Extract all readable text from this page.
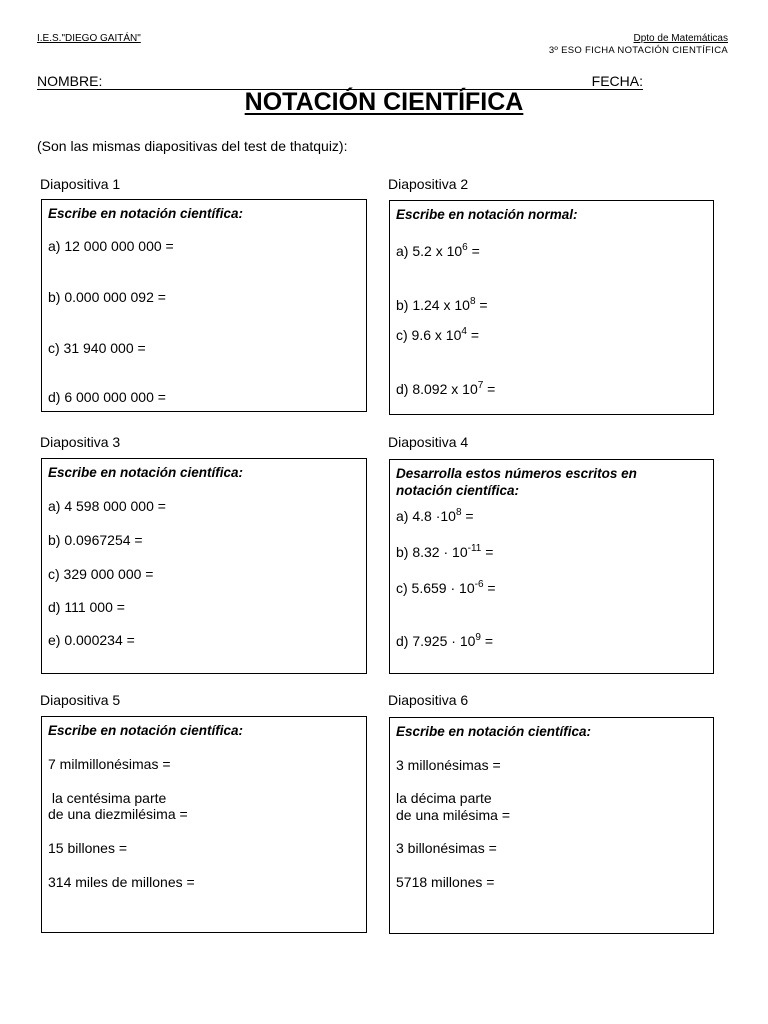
I.E.S."DIEGO GAITÁN"	Dpto de Matemáticas
3º ESO FICHA NOTACIÓN CIENTÍFICA
NOMBRE:	FECHA:
NOTACIÓN CIENTÍFICA
(Son las mismas diapositivas del test de thatquiz):
Diapositiva 1
Escribe en notación científica:
a) 12 000 000 000 =
b) 0.000 000 092 =
c) 31 940 000 =
d) 6 000 000 000 =
Diapositiva 2
Escribe en notación normal:
a) 5.2 x $10^6$ =
b) 1.24 x $10^8$ =
c) 9.6 x $10^4$ =
d) 8.092 x $10^7$ =
Diapositiva 3
Escribe en notación científica:
a) 4 598 000 000 =
b) 0.0967254 =
c) 329 000 000 =
d) 111 000 =
e) 0.000234 =
Diapositiva 4
Desarrolla estos números escritos en
notación científica:
a) $4.8 \cdot 10^8$ =
b) $8.32 \cdot 10^{-11}$ =
c) $5.659 \cdot 10^{-6}$ =
d) $7.925 \cdot 10^9$ =
Diapositiva 5
Escribe en notación científica:
7 milmillonésimas =
la centésima parte
de una diezmilésima =
15 billones =
314 miles de millones =
Diapositiva 6
Escribe en notación científica:
3 millonésimas =
la décima parte
de una milésima =
3 billonésimas =
5718 millones =
